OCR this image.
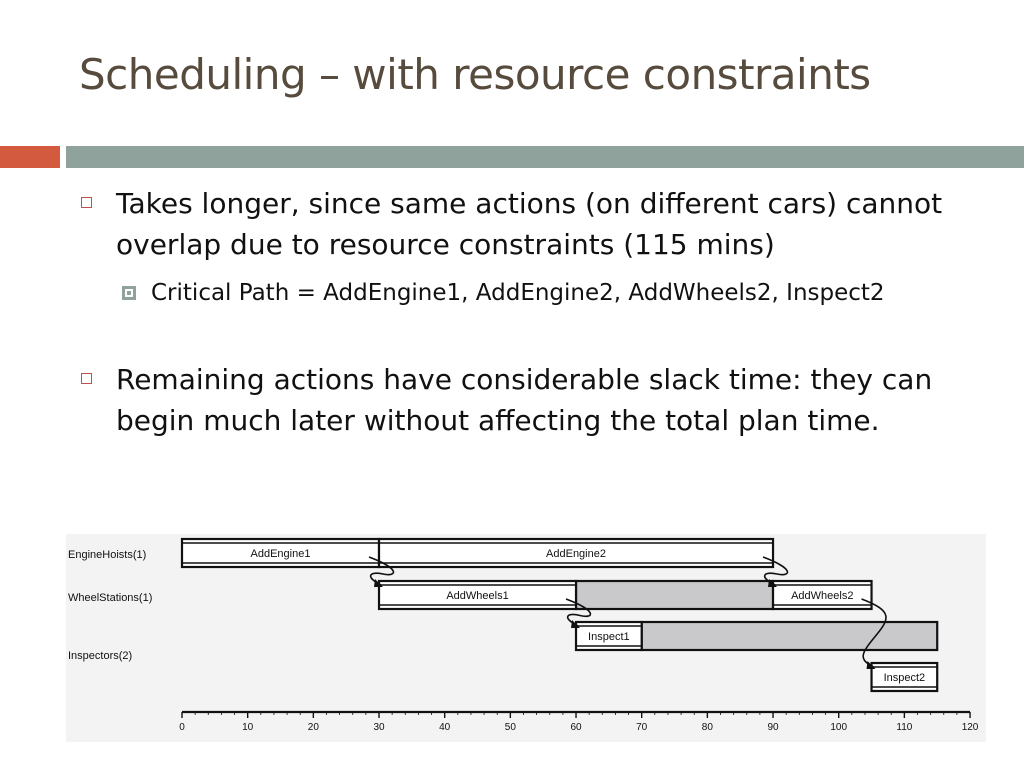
Scheduling – with resource constraints
Takes longer, since same actions (on different cars) cannot overlap due to resource constraints (115 mins)
Critical Path = AddEngine1, AddEngine2, AddWheels2, Inspect2
Remaining actions have considerable slack time: they can begin much later without affecting the total plan time.
EngineHoists(1)
WheelStations(1)
Inspectors(2)
AddEngine1	AddEngine2
AddWheels1	AddWheels2
Inspect1
Inspect2
0	10	20	30	40	50	60	70	80	90	100	110	120
